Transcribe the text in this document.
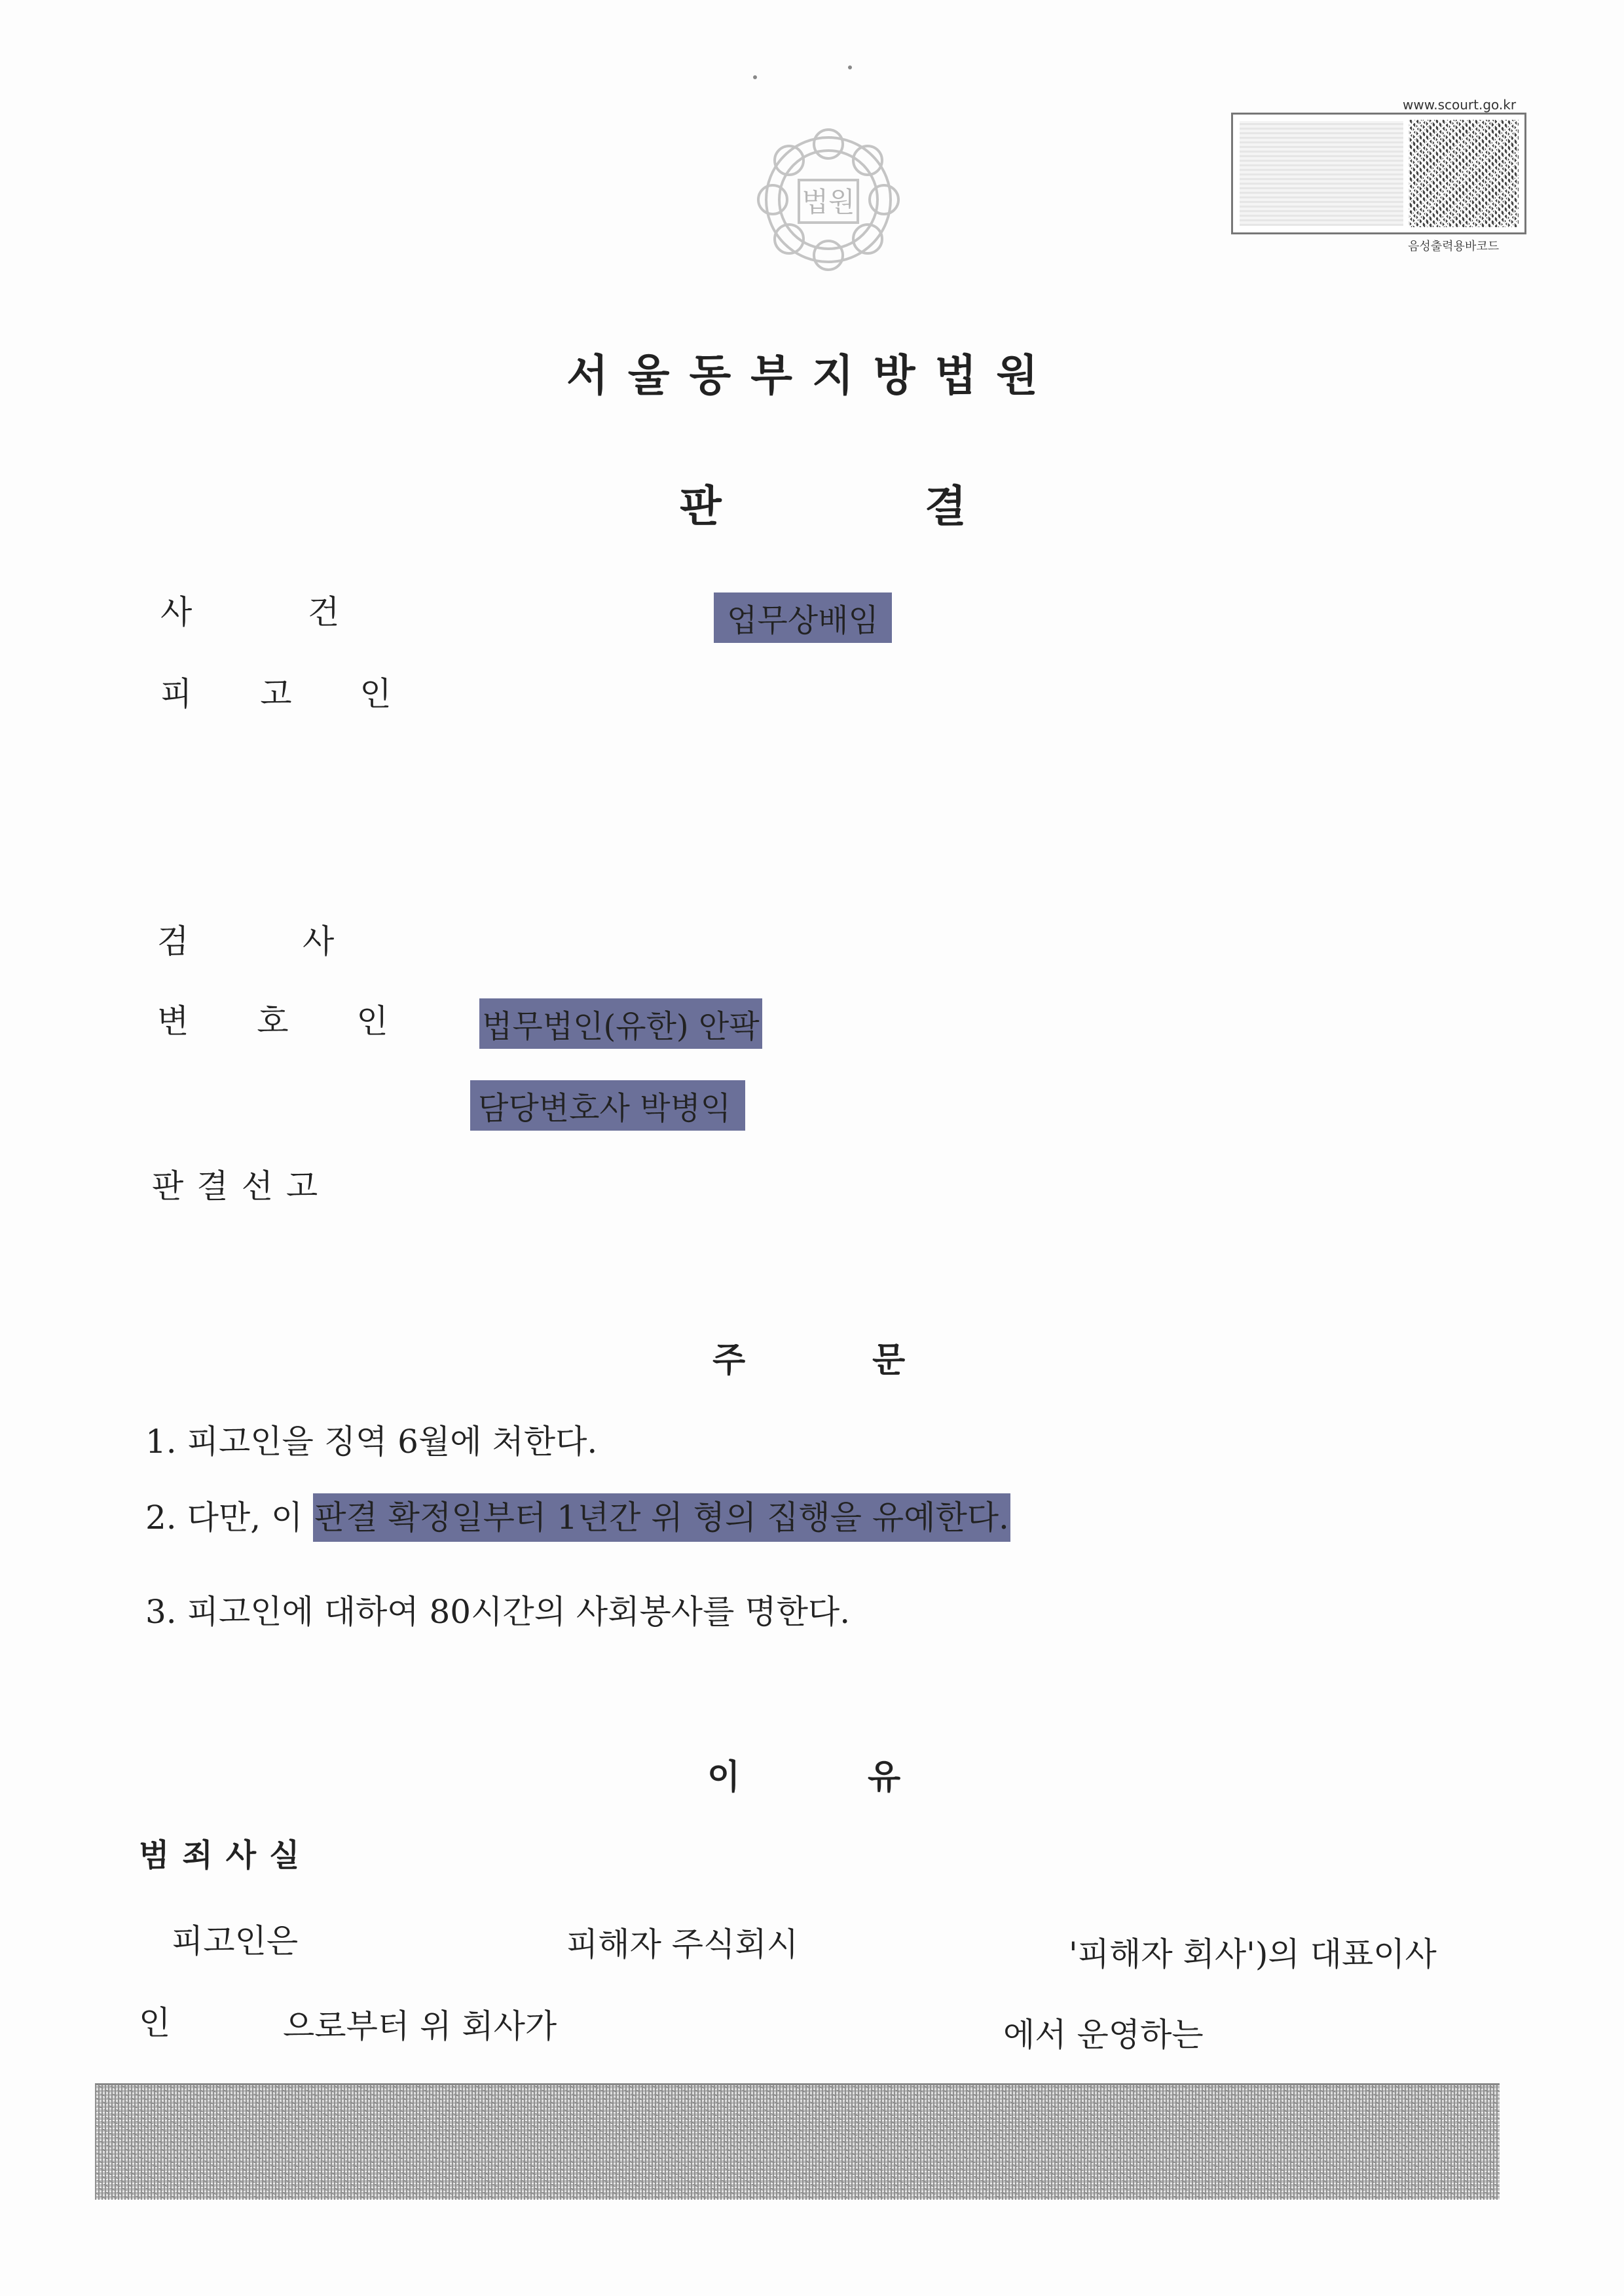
법원
www.scourt.go.kr
음성출력용바코드
서울동부지방법원
판	결
사	건	업무상배임
피 고 인
검	사
변 호 인 법무법인(유한) 안팍
담당변호사 박병익
판결선고
주	문
1. 피고인을 징역 6월에 처한다.
2. 다만, 이 판결 확정일부터 1년간 위 형의 집행을 유예한다.
3. 피고인에 대하여 80시간의 사회봉사를 명한다.
이	유
범죄사실
피고인은	피해자 주식회시	'피해자 회사')의 대표이사
인	으로부터 위 회사가	에서 운영하는
